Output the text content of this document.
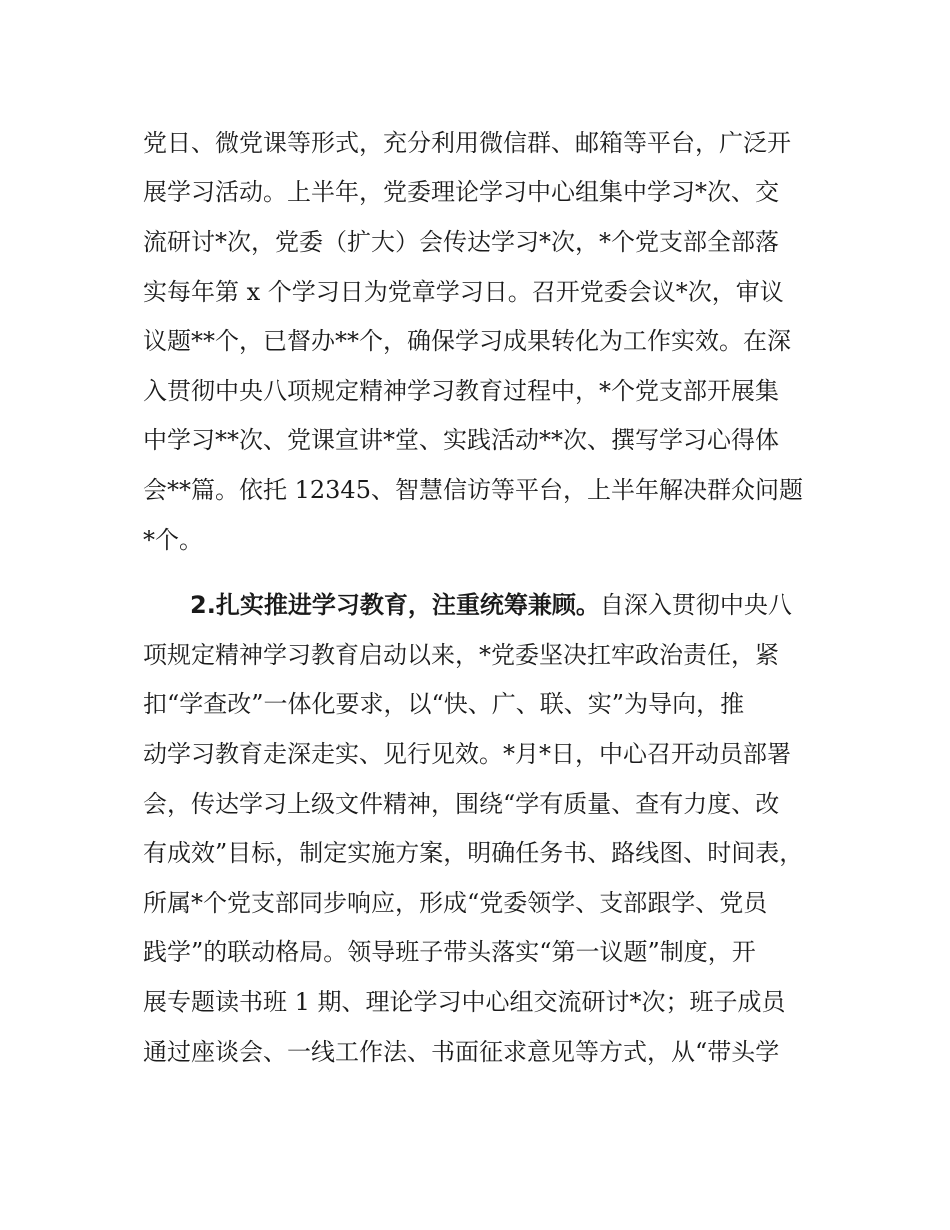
党日、微党课等形式，充分利用微信群、邮箱等平台，广泛开
展学习活动。上半年，党委理论学习中心组集中学习*次、交
流研讨*次，党委（扩大）会传达学习*次，*个党支部全部落
实每年第 x 个学习日为党章学习日。召开党委会议*次，审议
议题**个，已督办**个，确保学习成果转化为工作实效。在深
入贯彻中央八项规定精神学习教育过程中，*个党支部开展集
中学习**次、党课宣讲*堂、实践活动**次、撰写学习心得体
会**篇。依托 12345、智慧信访等平台，上半年解决群众问题
*个。
2.扎实推进学习教育，注重统筹兼顾。自深入贯彻中央八
项规定精神学习教育启动以来，*党委坚决扛牢政治责任，紧
扣“学查改”一体化要求，以“快、广、联、实”为导向，推
动学习教育走深走实、见行见效。*月*日，中心召开动员部署
会，传达学习上级文件精神，围绕“学有质量、查有力度、改
有成效”目标，制定实施方案，明确任务书、路线图、时间表，
所属*个党支部同步响应，形成“党委领学、支部跟学、党员
践学”的联动格局。领导班子带头落实“第一议题”制度，开
展专题读书班 1 期、理论学习中心组交流研讨*次；班子成员
通过座谈会、一线工作法、书面征求意见等方式，从“带头学
